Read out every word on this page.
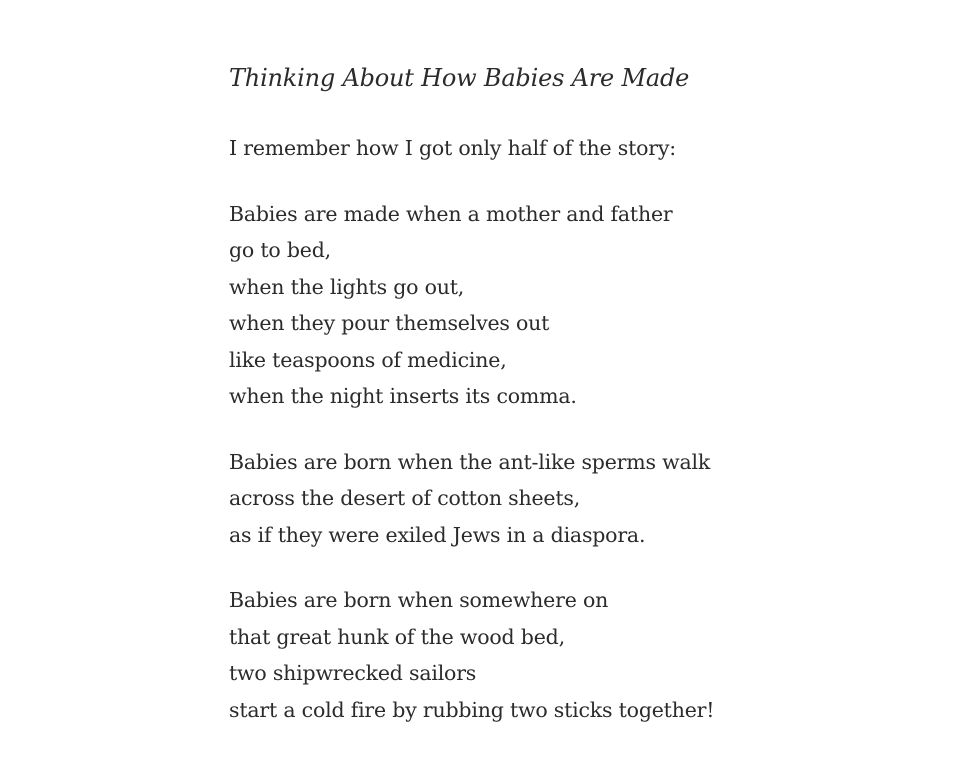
Thinking About How Babies Are Made
I remember how I got only half of the story:
Babies are made when a mother and father
go to bed,
when the lights go out,
when they pour themselves out
like teaspoons of medicine,
when the night inserts its comma.
Babies are born when the ant-like sperms walk
across the desert of cotton sheets,
as if they were exiled Jews in a diaspora.
Babies are born when somewhere on
that great hunk of the wood bed,
two shipwrecked sailors
start a cold fire by rubbing two sticks together!
